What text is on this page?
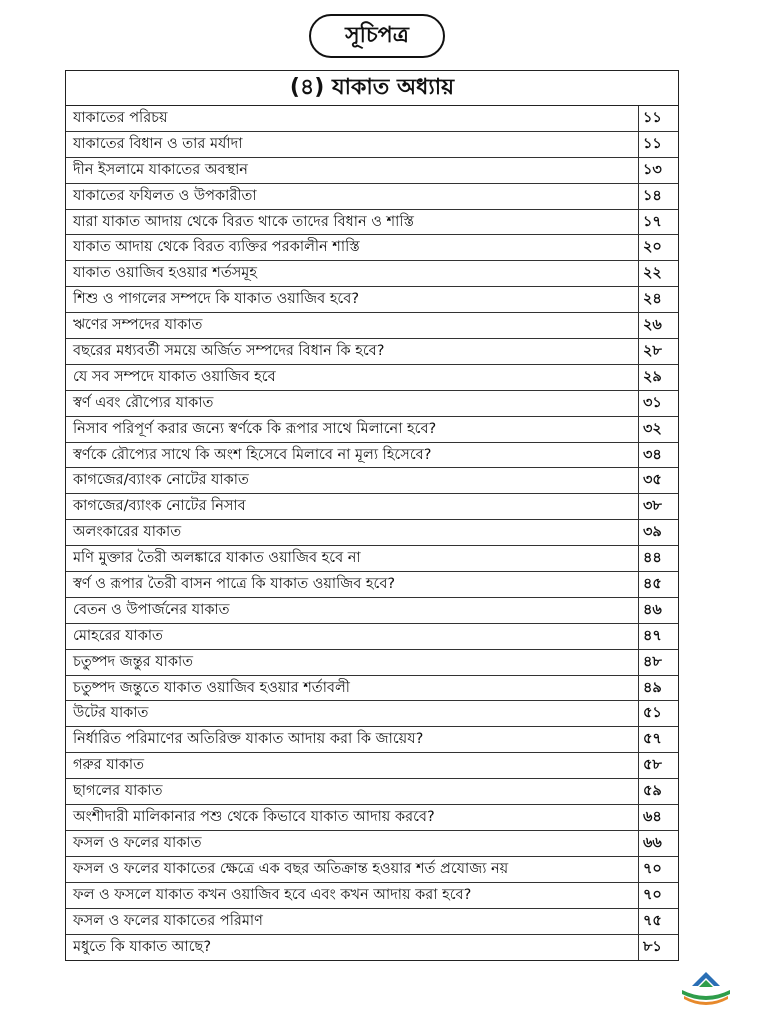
সূচিপত্র
(৪) যাকাত অধ্যায়
যাকাতের পরিচয়	১১
যাকাতের বিধান ও তার মর্যাদা	১১
দীন ইসলামে যাকাতের অবস্থান	১৩
যাকাতের ফযিলত ও উপকারীতা	১৪
যারা যাকাত আদায় থেকে বিরত থাকে তাদের বিধান ও শাস্তি	১৭
যাকাত আদায় থেকে বিরত ব্যক্তির পরকালীন শাস্তি	২০
যাকাত ওয়াজিব হওয়ার শর্তসমূহ	২২
শিশু ও পাগলের সম্পদে কি যাকাত ওয়াজিব হবে?	২৪
ঋণের সম্পদের যাকাত	২৬
বছরের মধ্যবর্তী সময়ে অর্জিত সম্পদের বিধান কি হবে?	২৮
যে সব সম্পদে যাকাত ওয়াজিব হবে	২৯
স্বর্ণ এবং রৌপ্যের যাকাত	৩১
নিসাব পরিপূর্ণ করার জন্যে স্বর্ণকে কি রূপার সাথে মিলানো হবে?	৩২
স্বর্ণকে রৌপ্যের সাথে কি অংশ হিসেবে মিলাবে না মূল্য হিসেবে?	৩৪
কাগজের/ব্যাংক নোটের যাকাত	৩৫
কাগজের/ব্যাংক নোটের নিসাব	৩৮
অলংকারের যাকাত	৩৯
মণি মুক্তার তৈরী অলঙ্কারে যাকাত ওয়াজিব হবে না	৪৪
স্বর্ণ ও রূপার তৈরী বাসন পাত্রে কি যাকাত ওয়াজিব হবে?	৪৫
বেতন ও উপার্জনের যাকাত	৪৬
মোহরের যাকাত	৪৭
চতুষ্পদ জন্তুর যাকাত	৪৮
চতুষ্পদ জন্তুতে যাকাত ওয়াজিব হওয়ার শর্তাবলী	৪৯
উটের যাকাত	৫১
নির্ধারিত পরিমাণের অতিরিক্ত যাকাত আদায় করা কি জায়েয?	৫৭
গরুর যাকাত	৫৮
ছাগলের যাকাত	৫৯
অংশীদারী মালিকানার পশু থেকে কিভাবে যাকাত আদায় করবে?	৬৪
ফসল ও ফলের যাকাত	৬৬
ফসল ও ফলের যাকাতের ক্ষেত্রে এক বছর অতিক্রান্ত হওয়ার শর্ত প্রযোজ্য নয়	৭০
ফল ও ফসলে যাকাত কখন ওয়াজিব হবে এবং কখন আদায় করা হবে?	৭০
ফসল ও ফলের যাকাতের পরিমাণ	৭৫
মধুতে কি যাকাত আছে?	৮১
